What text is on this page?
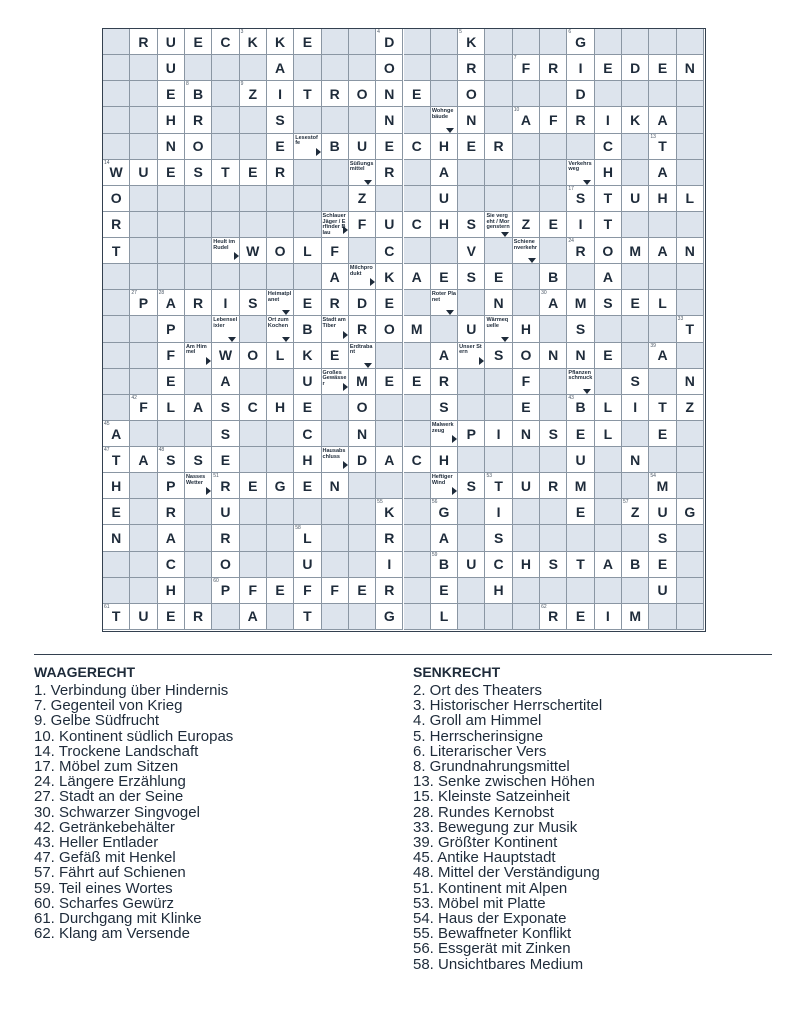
R	U	E	C	K
3
K	E	D
4
K
5
G
6
U	A	O	R	F
7
R	I	E	D	E	N
E	B
8
Z
9
I	T	R	O	N	E	O	D
H	R	S	N
Wohngebäude	N	A
10
F	R	I	K	A
N	O	E
Lesestoffe	B	U	E	C	H	E	R	C	T
13
W
14
U	E	S	T	E	R
Süßungsmittel	R	A
Verkehrsweg	H	A
O	Z	U	S
17
T	U	H	L
R
Schlauer Jäger / Erfinder Blau
F	U	C	H	S
Sie vergeht / Morgenstern Z	E	I	T
T
Heult im Rudel	W	O	L	F	C	V
Schienenverkehr	R
24
O	M	A	N
A
Milchprodukt	K	A	E	S	E	B	A
P
27
A
28
R	I	S
Heimatplanet	E	R	D	E
Roter Planet	N	A
30
M	S	E	L
P
Lebenselixier
Ort zum Kochen	B
Stadt am Tiber	R	O	M	U
Wärmequelle	H	S	T
33
F
Am Himmel	W	O	L	K	E
Erdtrabant	A
Unser Stern	S	O	N	N	E	A
39
E	A	U
Großes Gewässer	M	E	E	R	F
Pflanzenschmuck	S	N
F
42
L	A	S	C	H	E	O	S	E	B
43
L	I	T	Z
A
45
S	C	N
Malwerkzeug	P	I	N	S	E	L	E
T
47
A	S
48
S	E	H
Hausabschluss	D	A	C	H	U	N
H	P
Nasses Wetter	R
51
E	G	E	N
Heftiger Wind	S	T
53
U	R	M	M
54
E	R	U	K
55
G
56
I	E	Z
57
U	G
N	A	R	L
58
R	A	S	S
C	O	U	I	B
59
U	C	H	S	T	A	B	E
H	P
60
F	E	F	F	E	R	E	H	U
T
61
U	E	R	A	T	G	L	R
62
E	I	M
WAAGERECHT
1. Verbindung über Hindernis
7. Gegenteil von Krieg
9. Gelbe Südfrucht
10. Kontinent südlich Europas
14. Trockene Landschaft
17. Möbel zum Sitzen
24. Längere Erzählung
27. Stadt an der Seine
30. Schwarzer Singvogel
42. Getränkebehälter
43. Heller Entlader
47. Gefäß mit Henkel
57. Fährt auf Schienen
59. Teil eines Wortes
60. Scharfes Gewürz
61. Durchgang mit Klinke
62. Klang am Versende
SENKRECHT
2. Ort des Theaters
3. Historischer Herrschertitel
4. Groll am Himmel
5. Herrscherinsigne
6. Literarischer Vers
8. Grundnahrungsmittel
13. Senke zwischen Höhen
15. Kleinste Satzeinheit
28. Rundes Kernobst
33. Bewegung zur Musik
39. Größter Kontinent
45. Antike Hauptstadt
48. Mittel der Verständigung
51. Kontinent mit Alpen
53. Möbel mit Platte
54. Haus der Exponate
55. Bewaffneter Konflikt
56. Essgerät mit Zinken
58. Unsichtbares Medium
